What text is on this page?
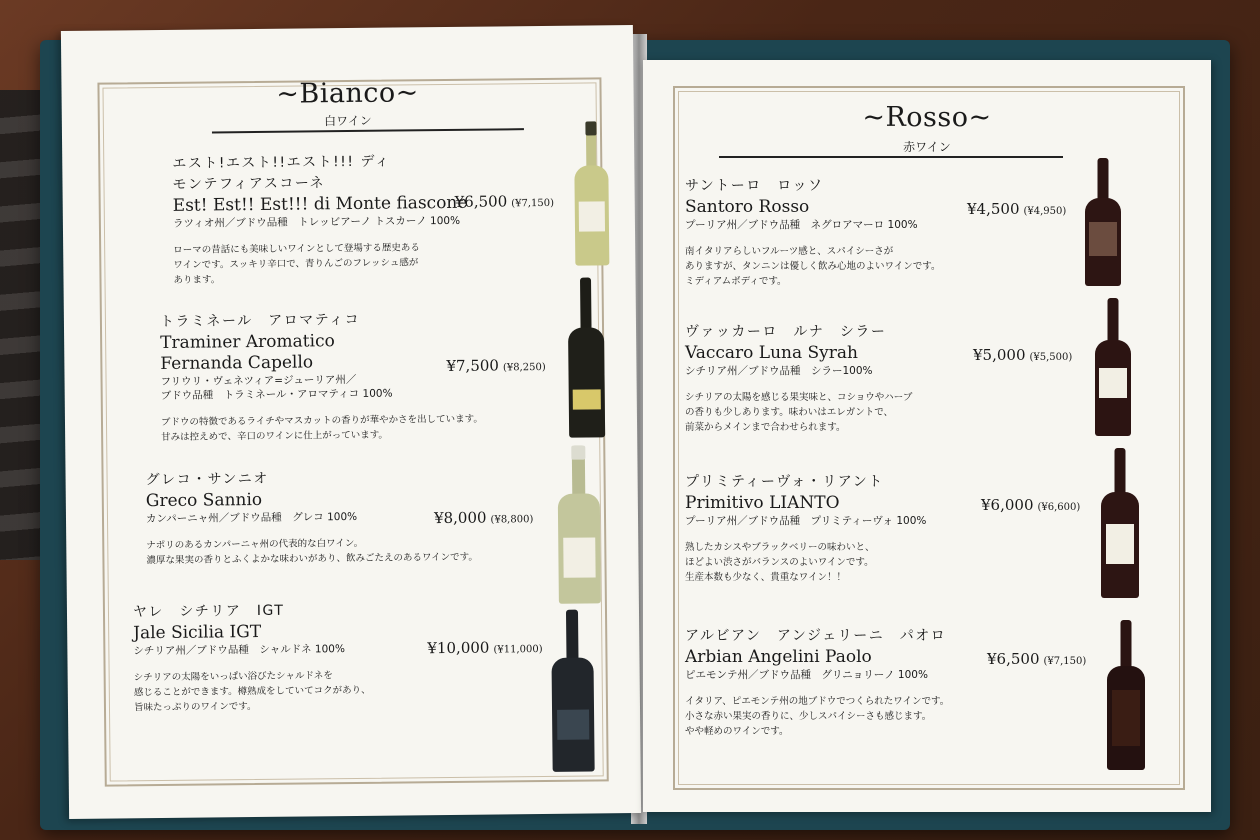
~Bianco~
白ワイン
エスト!エスト!!エスト!!! ディ
モンテフィアスコーネ
Est! Est!! Est!!! di Monte fiascone
ラツィオ州／ブドウ品種　トレッビアーノ トスカーノ 100%
ローマの昔話にも美味しいワインとして登場する歴史ある
ワインです。スッキリ辛口で、青りんごのフレッシュ感が
あります。
¥6,500 (¥7,150)
トラミネール　アロマティコ
Traminer Aromatico
Fernanda Capello
フリウリ・ヴェネツィア=ジューリア州／
ブドウ品種　トラミネール・アロマティコ 100%
ブドウの特徴であるライチやマスカットの香りが華やかさを出しています。
甘みは控えめで、辛口のワインに仕上がっています。
¥7,500 (¥8,250)
グレコ・サンニオ
Greco Sannio
カンパーニャ州／ブドウ品種　グレコ 100%
ナポリのあるカンパーニャ州の代表的な白ワイン。
濃厚な果実の香りとふくよかな味わいがあり、飲みごたえのあるワインです。
¥8,000 (¥8,800)
ヤレ　シチリア　IGT
Jale Sicilia IGT
シチリア州／ブドウ品種　シャルドネ 100%
シチリアの太陽をいっぱい浴びたシャルドネを
感じることができます。樽熟成をしていてコクがあり、
旨味たっぷりのワインです。
¥10,000 (¥11,000)
~Rosso~
赤ワイン
サントーロ　ロッソ
Santoro Rosso
プーリア州／ブドウ品種　ネグロアマーロ 100%
南イタリアらしいフルーツ感と、スパイシーさが
ありますが、タンニンは優しく飲み心地のよいワインです。
ミディアムボディです。
¥4,500 (¥4,950)
ヴァッカーロ　ルナ　シラー
Vaccaro Luna Syrah
シチリア州／ブドウ品種　シラー100%
シチリアの太陽を感じる果実味と、コショウやハーブ
の香りも少しあります。味わいはエレガントで、
前菜からメインまで合わせられます。
¥5,000 (¥5,500)
プリミティーヴォ・リアント
Primitivo LIANTO
プーリア州／ブドウ品種　プリミティーヴォ 100%
熟したカシスやブラックベリーの味わいと、
ほどよい渋さがバランスのよいワインです。
生産本数も少なく、貴重なワイン！！
¥6,000 (¥6,600)
アルビアン　アンジェリーニ　パオロ
Arbian Angelini Paolo
ピエモンテ州／ブドウ品種　グリニョリーノ 100%
イタリア、ピエモンテ州の地ブドウでつくられたワインです。
小さな赤い果実の香りに、少しスパイシーさも感じます。
やや軽めのワインです。
¥6,500 (¥7,150)
